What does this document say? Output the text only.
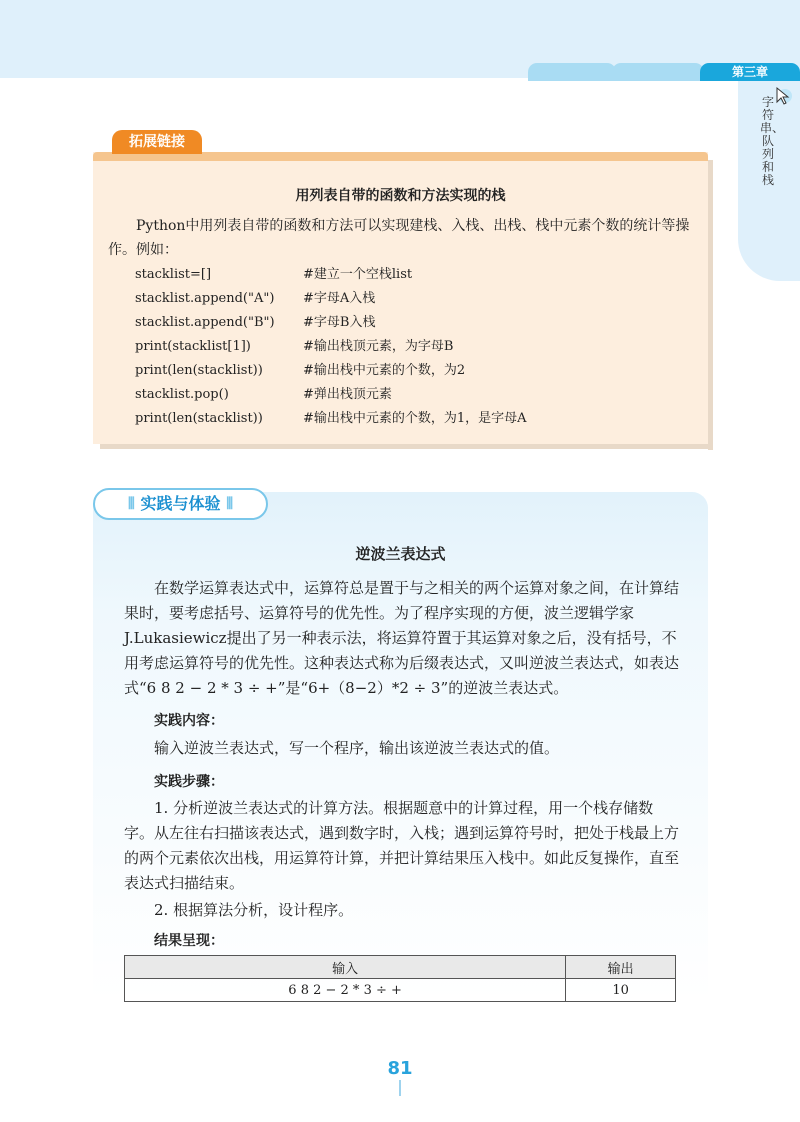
第三章
字符串、队列和栈
拓展链接
用列表自带的函数和方法实现的栈
Python中用列表自带的函数和方法可以实现建栈、入栈、出栈、栈中元素个数的统计等操作。例如：
stacklist=[]	#建立一个空栈list
stacklist.append("A") #字母A入栈
stacklist.append("B") #字母B入栈
print(stacklist[1])	#输出栈顶元素，为字母B
print(len(stacklist))	#输出栈中元素的个数，为2
stacklist.pop()	#弹出栈顶元素
print(len(stacklist))	#输出栈中元素的个数，为1，是字母A
⦀ 实践与体验 ⦀
逆波兰表达式
在数学运算表达式中，运算符总是置于与之相关的两个运算对象之间，在计算结果时，要考虑括号、运算符号的优先性。为了程序实现的方便，波兰逻辑学家J.Lukasiewicz提出了另一种表示法，将运算符置于其运算对象之后，没有括号，不用考虑运算符号的优先性。这种表达式称为后缀表达式，又叫逆波兰表达式，如表达式“6 8 2 − 2 * 3 ÷ +”是“6+（8−2）*2 ÷ 3”的逆波兰表达式。
实践内容：
输入逆波兰表达式，写一个程序，输出该逆波兰表达式的值。
实践步骤：
1. 分析逆波兰表达式的计算方法。根据题意中的计算过程，用一个栈存储数字。从左往右扫描该表达式，遇到数字时，入栈；遇到运算符号时，把处于栈最上方的两个元素依次出栈，用运算符计算，并把计算结果压入栈中。如此反复操作，直至表达式扫描结束。
2. 根据算法分析，设计程序。
结果呈现：
输入	输出
6 8 2 − 2 * 3 ÷ +	10
81
